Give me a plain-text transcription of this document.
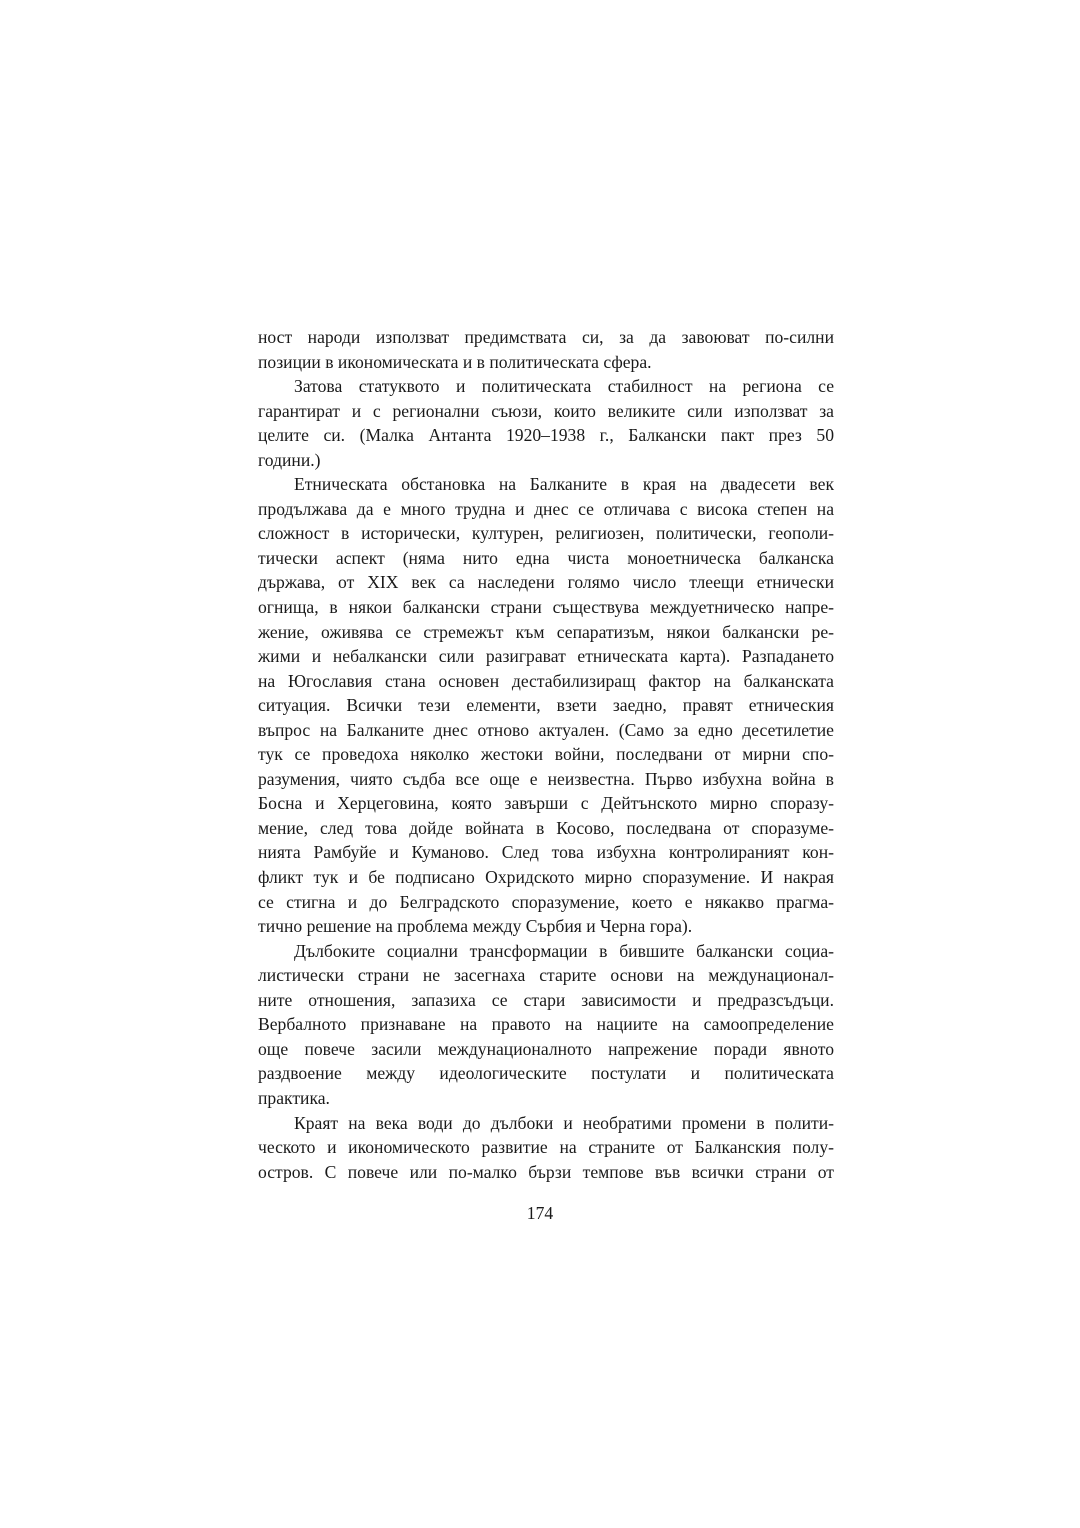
ност народи използват предимствата си, за да завоюват по-силни
позиции в икономическата и в политическата сфера.
Затова статуквото и политическата стабилност на региона се
гарантират и с регионални съюзи, които великите сили използват за
целите си. (Малка Антанта 1920–1938 г., Балкански пакт през 50
години.)
Етническата обстановка на Балканите в края на двадесети век
продължава да е много трудна и днес се отличава с висока степен на
сложност в исторически, културен, религиозен, политически, геополи-
тически аспект (няма нито една чиста моноетническа балканска
държава, от XIX век са наследени голямо число тлеещи етнически
огнища, в някои балкански страни съществува междуетническо напре-
жение, оживява се стремежът към сепаратизъм, някои балкански ре-
жими и небалкански сили разиграват етническата карта). Разпадането
на Югославия стана основен дестабилизиращ фактор на балканската
ситуация. Всички тези елементи, взети заедно, правят етническия
въпрос на Балканите днес отново актуален. (Само за едно десетилетие
тук се проведоха няколко жестоки войни, последвани от мирни спо-
разумения, чиято съдба все още е неизвестна. Първо избухна война в
Босна и Херцеговина, която завърши с Дейтънското мирно споразу-
мение, след това дойде войната в Косово, последвана от споразуме-
нията Рамбуйе и Куманово. След това избухна контролираният кон-
фликт тук и бе подписано Охридското мирно споразумение. И накрая
се стигна и до Белградското споразумение, което е някакво прагма-
тично решение на проблема между Сърбия и Черна гора).
Дълбоките социални трансформации в бившите балкански социа-
листически страни не засегнаха старите основи на междунационал-
ните отношения, запазиха се стари зависимости и предразсъдъци.
Вербалното признаване на правото на нациите на самоопределение
още повече засили междунационалното напрежение поради явното
раздвоение между идеологическите постулати и политическата
практика.
Краят на века води до дълбоки и необратими промени в полити-
ческото и икономическото развитие на страните от Балканския полу-
остров. С повече или по-малко бързи темпове във всички страни от
174
